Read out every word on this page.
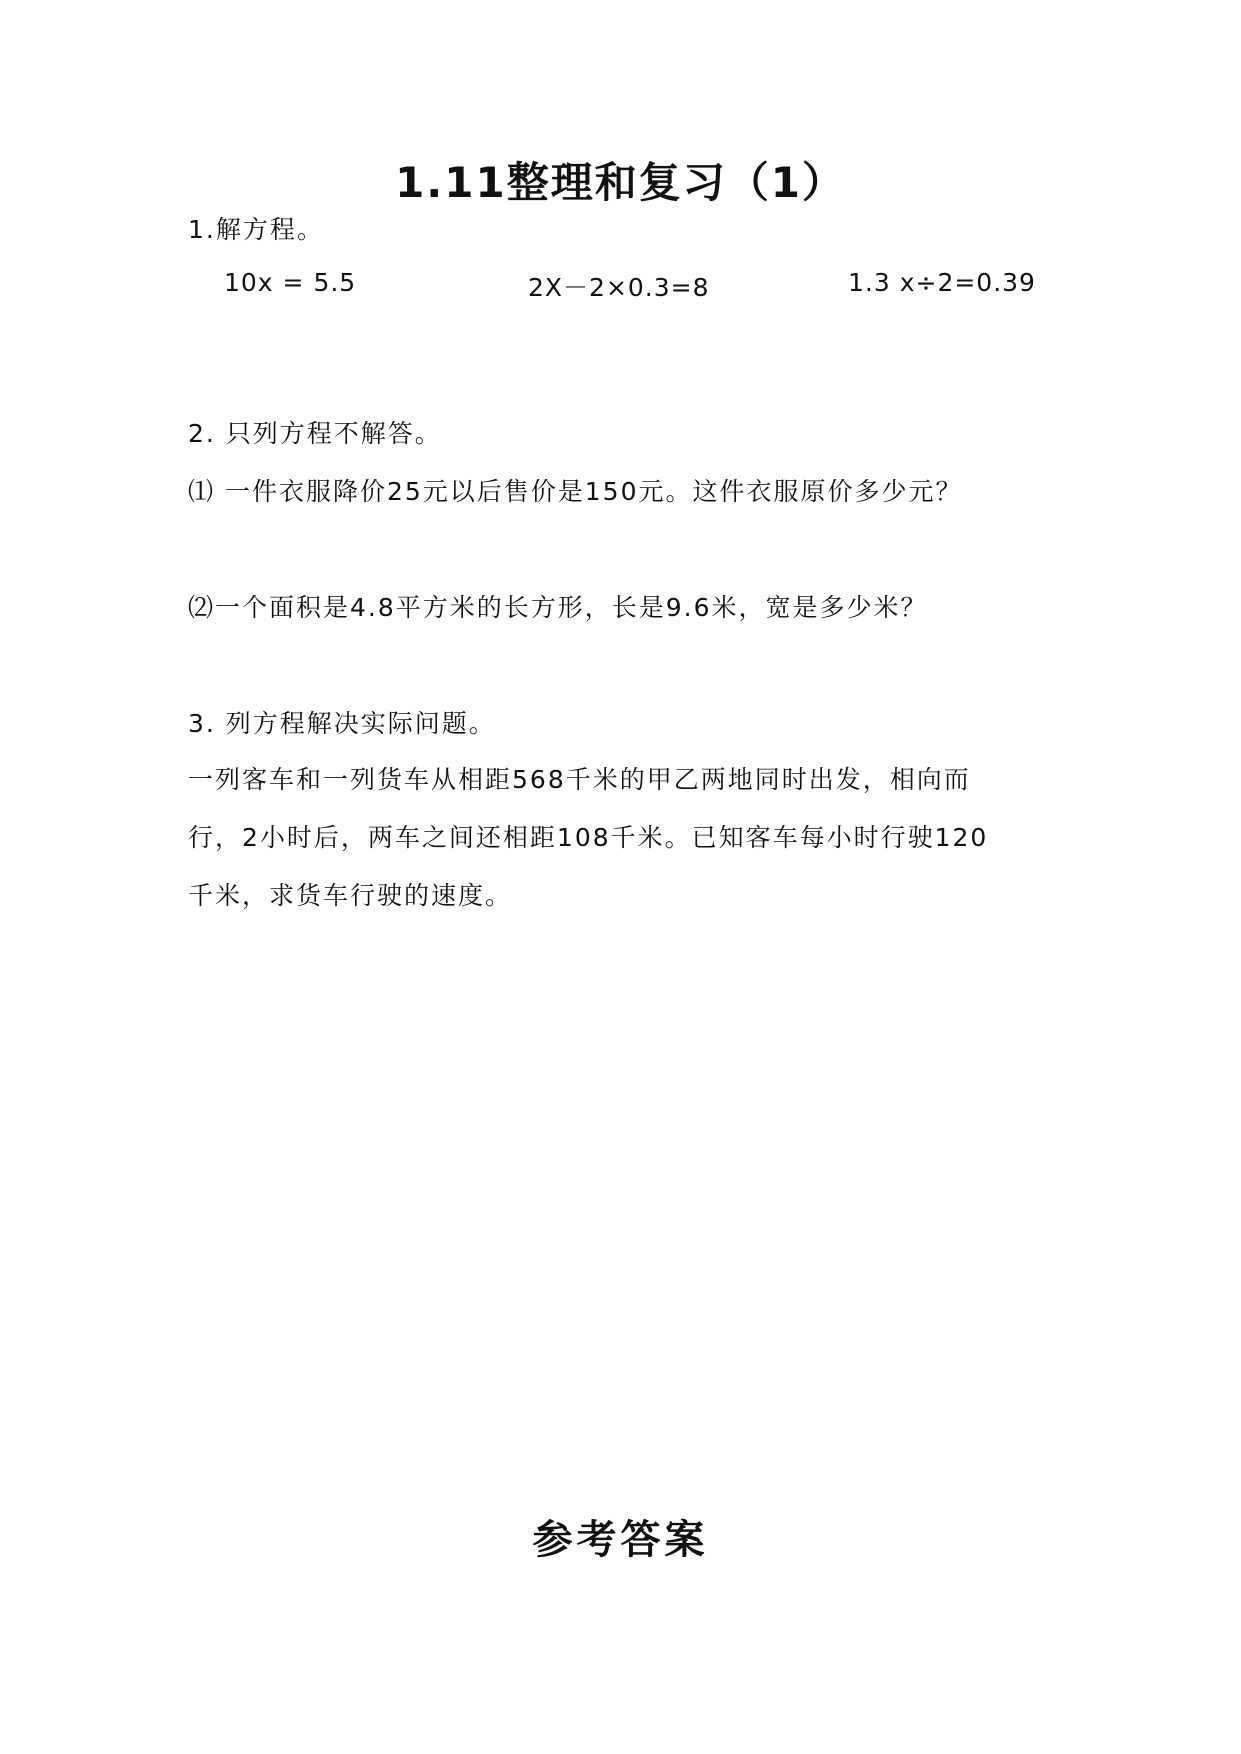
1.11整理和复习（1）
1.解方程。
10x = 5.5	2X－2×0.3=8	1.3 x÷2=0.39
2. 只列方程不解答。
⑴ 一件衣服降价25元以后售价是150元。这件衣服原价多少元？
⑵一个面积是4.8平方米的长方形，长是9.6米，宽是多少米？
3. 列方程解决实际问题。
一列客车和一列货车从相距568千米的甲乙两地同时出发，相向而
行，2小时后，两车之间还相距108千米。已知客车每小时行驶120
千米，求货车行驶的速度。
参考答案
